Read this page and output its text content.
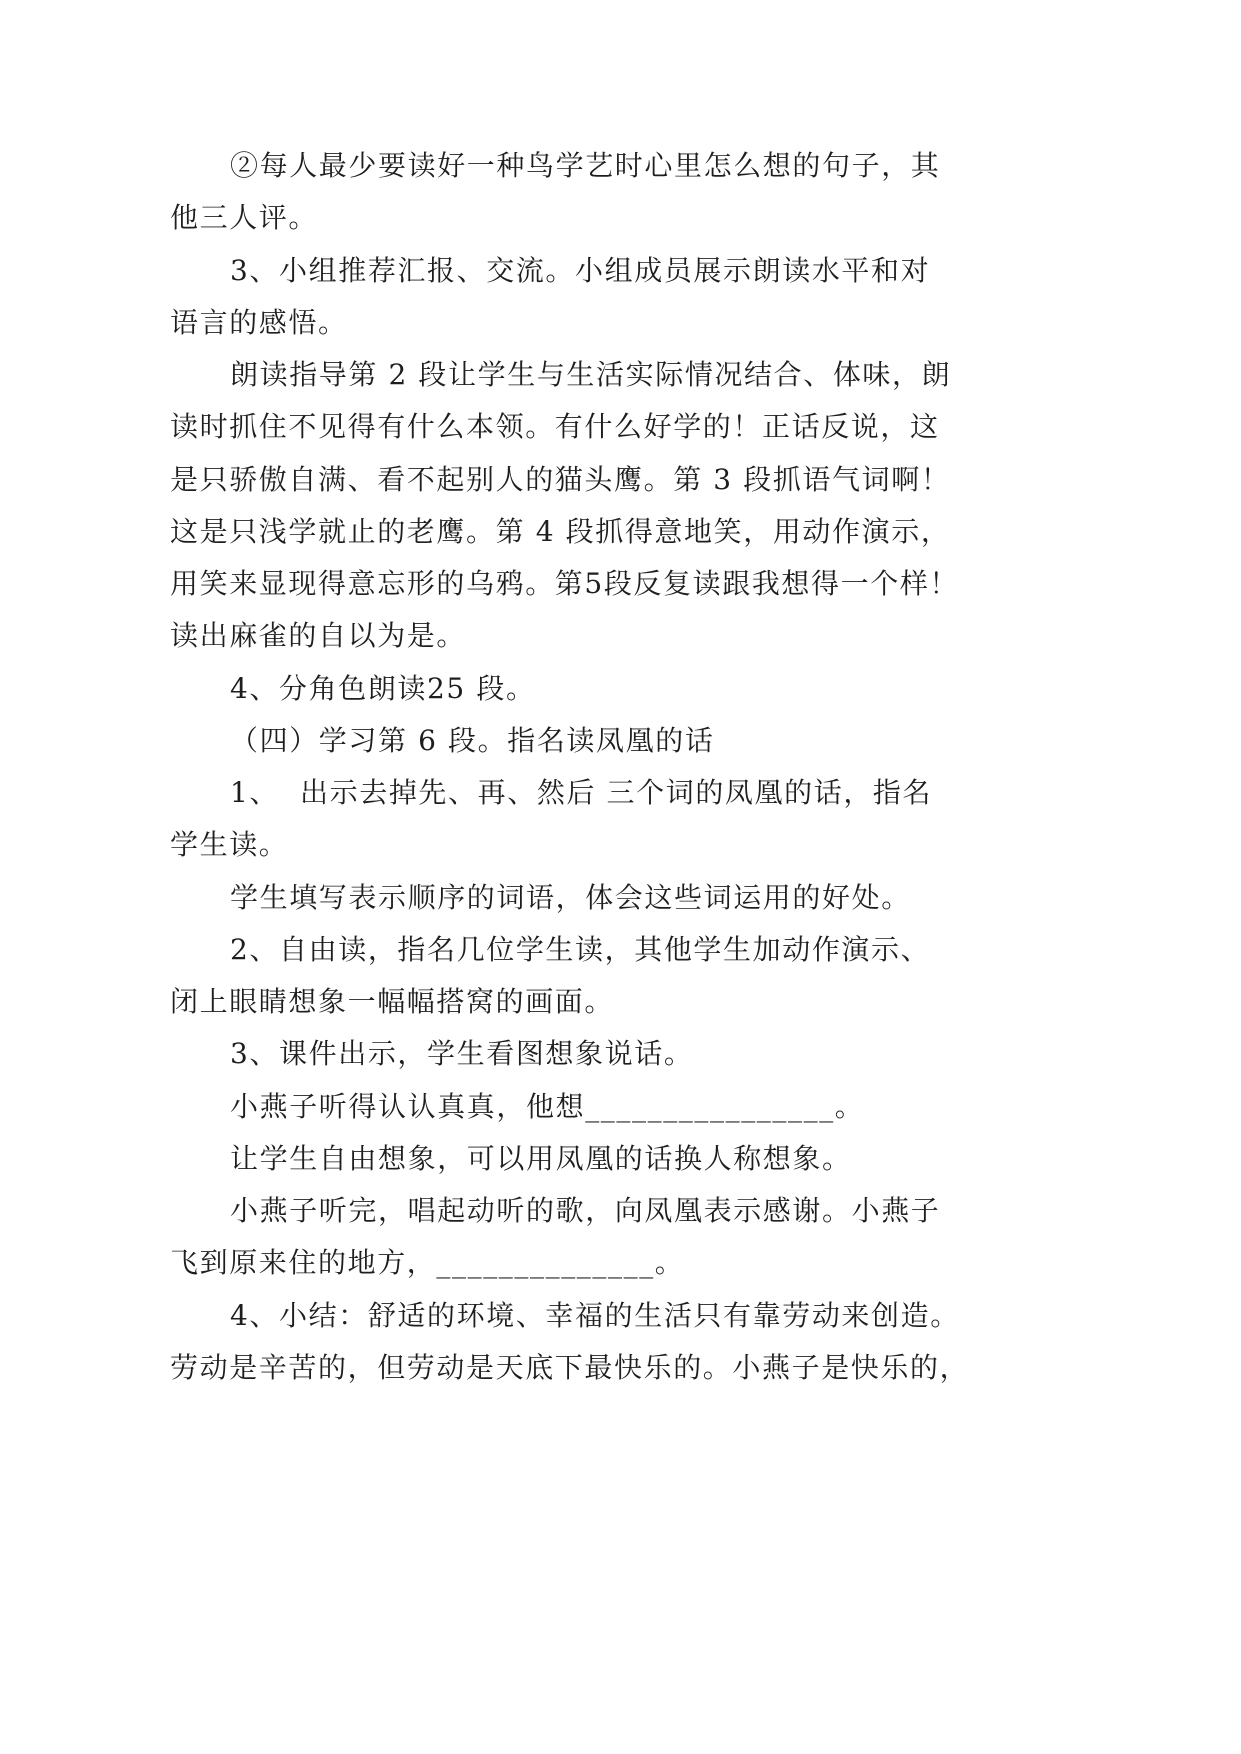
②每人最少要读好一种鸟学艺时心里怎么想的句子，其
他三人评。
3、小组推荐汇报、交流。小组成员展示朗读水平和对
语言的感悟。
朗读指导第 2 段让学生与生活实际情况结合、体味，朗
读时抓住不见得有什么本领。有什么好学的！正话反说，这
是只骄傲自满、看不起别人的猫头鹰。第 3 段抓语气词啊！
这是只浅学就止的老鹰。第 4 段抓得意地笑，用动作演示，
用笑来显现得意忘形的乌鸦。第5段反复读跟我想得一个样！
读出麻雀的自以为是。
4、分角色朗读25 段。
（四）学习第 6 段。指名读凤凰的话
1、  出示去掉先、再、然后 三个词的凤凰的话，指名
学生读。
学生填写表示顺序的词语，体会这些词运用的好处。
2、自由读，指名几位学生读，其他学生加动作演示、
闭上眼睛想象一幅幅搭窝的画面。
3、课件出示，学生看图想象说话。
小燕子听得认认真真，他想________________。
让学生自由想象，可以用凤凰的话换人称想象。
小燕子听完，唱起动听的歌，向凤凰表示感谢。小燕子
飞到原来住的地方，______________。
4、小结：舒适的环境、幸福的生活只有靠劳动来创造。
劳动是辛苦的，但劳动是天底下最快乐的。小燕子是快乐的，
